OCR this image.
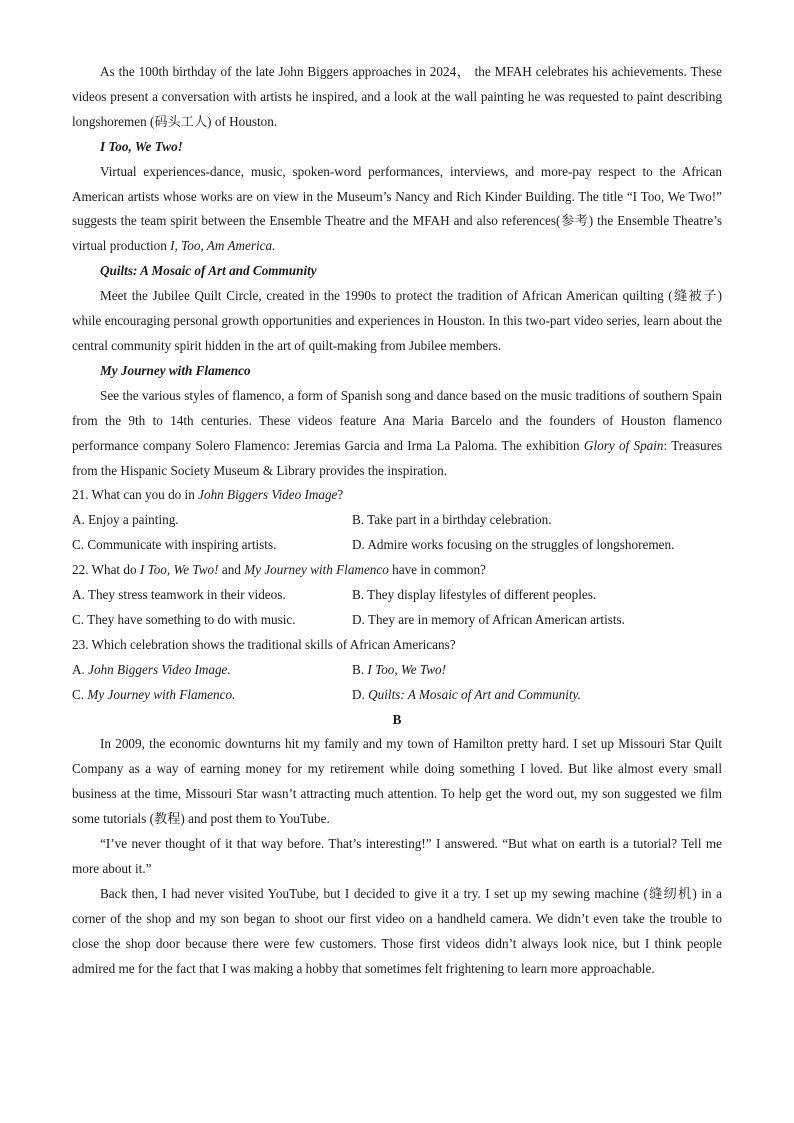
As the 100th birthday of the late John Biggers approaches in 2024， the MFAH celebrates his achievements. These videos present a conversation with artists he inspired, and a look at the wall painting he was requested to paint describing longshoremen (码头工人) of Houston.

I Too, We Two!

Virtual experiences-dance, music, spoken-word performances, interviews, and more-pay respect to the African American artists whose works are on view in the Museum’s Nancy and Rich Kinder Building. The title “I Too, We Two!” suggests the team spirit between the Ensemble Theatre and the MFAH and also references(参考) the Ensemble Theatre’s virtual production I, Too, Am America.

Quilts: A Mosaic of Art and Community

Meet the Jubilee Quilt Circle, created in the 1990s to protect the tradition of African American quilting (缝被子) while encouraging personal growth opportunities and experiences in Houston. In this two-part video series, learn about the central community spirit hidden in the art of quilt-making from Jubilee members.

My Journey with Flamenco

See the various styles of flamenco, a form of Spanish song and dance based on the music traditions of southern Spain from the 9th to 14th centuries. These videos feature Ana Maria Barcelo and the founders of Houston flamenco performance company Solero Flamenco: Jeremias Garcia and Irma La Paloma. The exhibition Glory of Spain: Treasures from the Hispanic Society Museum & Library provides the inspiration.

21. What can you do in John Biggers Video Image?

A. Enjoy a painting.	B. Take part in a birthday celebration.

C. Communicate with inspiring artists.	D. Admire works focusing on the struggles of longshoremen.

22. What do I Too, We Two! and My Journey with Flamenco have in common?

A. They stress teamwork in their videos.	B. They display lifestyles of different peoples.

C. They have something to do with music.	D. They are in memory of African American artists.

23. Which celebration shows the traditional skills of African Americans?

A. John Biggers Video Image.	B. I Too, We Two!

C. My Journey with Flamenco.	D. Quilts: A Mosaic of Art and Community.

B

In 2009, the economic downturns hit my family and my town of Hamilton pretty hard. I set up Missouri Star Quilt Company as a way of earning money for my retirement while doing something I loved. But like almost every small business at the time, Missouri Star wasn’t attracting much attention. To help get the word out, my son suggested we film some tutorials (教程) and post them to YouTube.

“I’ve never thought of it that way before. That’s interesting!” I answered. “But what on earth is a tutorial? Tell me more about it.”

Back then, I had never visited YouTube, but I decided to give it a try. I set up my sewing machine (缝纫机) in a corner of the shop and my son began to shoot our first video on a handheld camera. We didn’t even take the trouble to close the shop door because there were few customers. Those first videos didn’t always look nice, but I think people admired me for the fact that I was making a hobby that sometimes felt frightening to learn more approachable.
